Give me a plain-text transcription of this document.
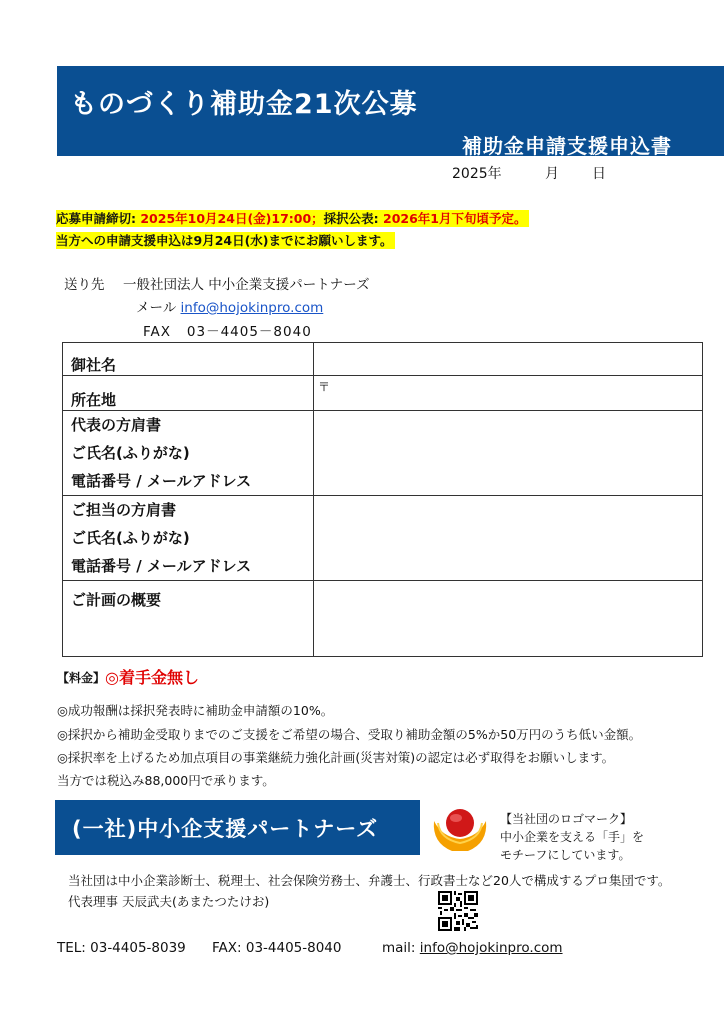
ものづくり補助金21次公募
補助金申請支援申込書
2025年	月 日
応募申請締切: 2025年10月24日(金)17:00；採択公表: 2026年1月下旬頃予定。
当方への申請支援申込は9月24日(水)までにお願いします。
送り先 一般社団法人 中小企業支援パートナーズ
メール info@hojokinpro.com
FAX 03－4405－8040
御社名	
所在地	〒

代表の方肩書
ご氏名(ふりがな)
電話番号 / メールアドレス	

ご担当の方肩書
ご氏名(ふりがな)
電話番号 / メールアドレス	

ご計画の概要	
【料金】 ◎着手金無し
◎成功報酬は採択発表時に補助金申請額の10%。
◎採択から補助金受取りまでのご支援をご希望の場合、受取り補助金額の5%か50万円のうち低い金額。
◎採択率を上げるため加点項目の事業継続力強化計画(災害対策)の認定は必ず取得をお願いします。
当方では税込み88,000円で承ります。
(一社)中小企支援パートナーズ	【当社団のロゴマーク】
中小企業を支える「手」を
モチーフにしています。
当社団は中小企業診断士、税理士、社会保険労務士、弁護士、行政書士など20人で構成するプロ集団です。
代表理事 天辰武夫(あまたつたけお)
TEL: 03-4405-8039 FAX: 03-4405-8040	mail: info@hojokinpro.com
